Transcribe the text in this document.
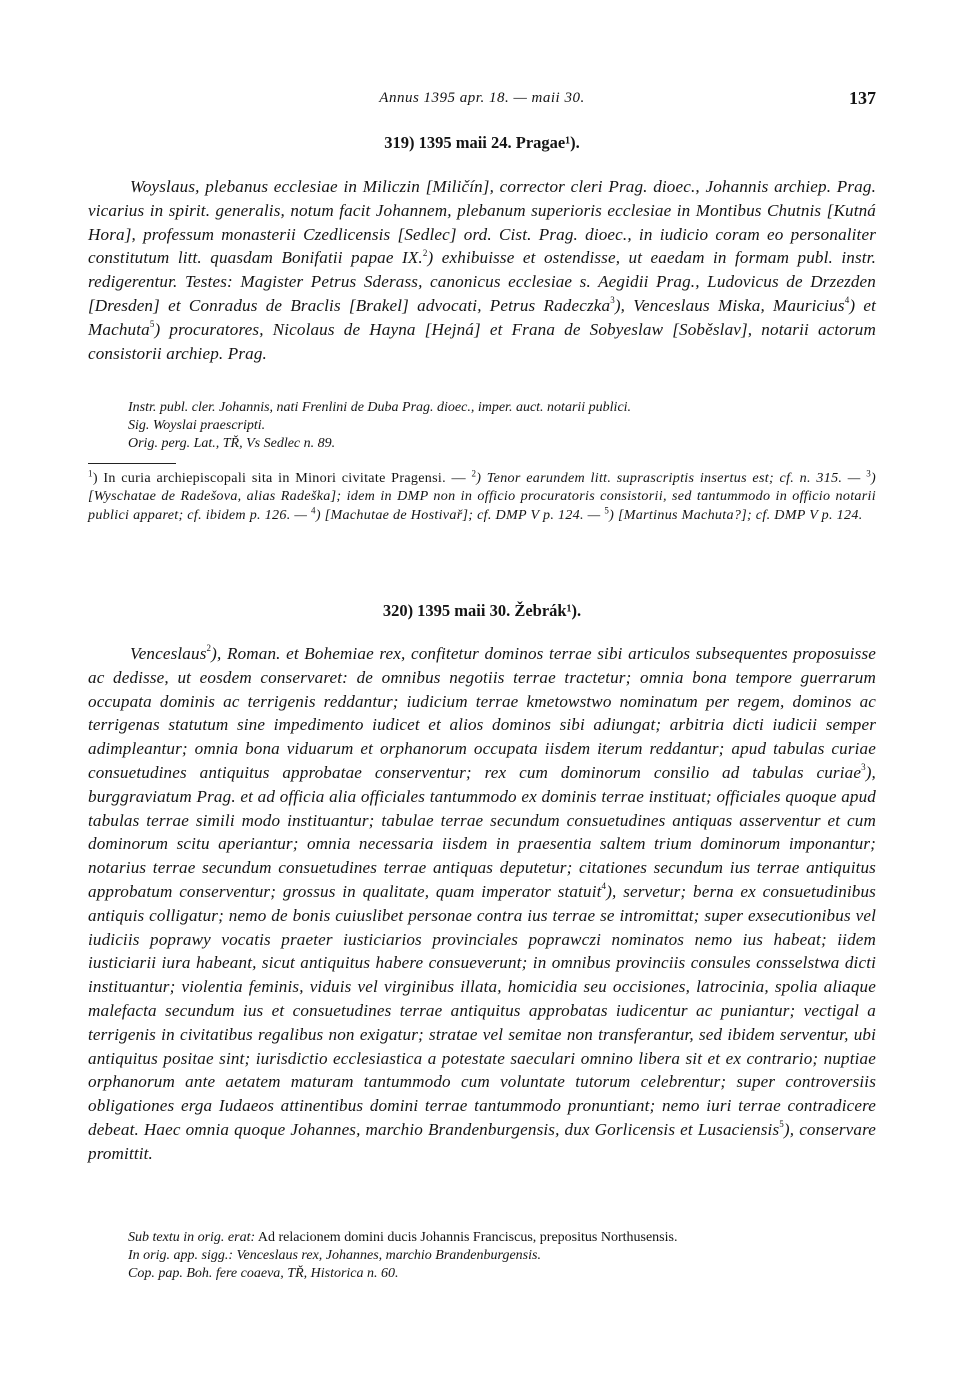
Annus 1395 apr. 18. — maii 30.	137
319) 1395 maii 24. Pragae¹).

Woyslaus, plebanus ecclesiae in Miliczin [Miličín], corrector cleri Prag. dioec., Johannis archiep. Prag. vicarius in spirit. generalis, notum facit Johannem, plebanum superioris ecclesiae in Montibus Chutnis [Kutná Hora], professum monasterii Czedlicensis [Sedlec] ord. Cist. Prag. dioec., in iudicio coram eo personaliter constitutum litt. quasdam Bonifatii papae IX.$^2$) exhibuisse et ostendisse, ut eaedam in formam publ. instr. redigerentur. Testes: Magister Petrus Sderass, canonicus ecclesiae s. Aegidii Prag., Ludovicus de Drzezden [Dresden] et Conradus de Braclis [Brakel] advocati, Petrus Radeczka$^3$), Venceslaus Miska, Mauricius$^4$) et Machuta$^5$) procuratores, Nicolaus de Hayna [Hejná] et Frana de Sobyeslaw [Soběslav], notarii actorum consistorii archiep. Prag.

Instr. publ. cler. Johannis, nati Frenlini de Duba Prag. dioec., imper. auct. notarii publici.
Sig. Woyslai praescripti.
Orig. perg. Lat., TŘ, Vs Sedlec n. 89.

$^1$) In curia archiepiscopali sita in Minori civitate Pragensi. — $^2$) Tenor earundem litt. suprascriptis insertus est; cf. n. 315. — $^3$) [Wyschatae de Radešova, alias Radeška]; idem in DMP non in officio procuratoris consistorii, sed tantummodo in officio notarii publici apparet; cf. ibidem p. 126. — $^4$) [Machutae de Hostivař]; cf. DMP V p. 124. — $^5$) [Martinus Machuta?]; cf. DMP V p. 124.

320) 1395 maii 30. Žebrák¹).

Venceslaus$^2$), Roman. et Bohemiae rex, confitetur dominos terrae sibi articulos subsequentes proposuisse ac dedisse, ut eosdem conservaret: de omnibus negotiis terrae tractetur; omnia bona tempore guerrarum occupata dominis ac terrigenis reddantur; iudicium terrae kmetowstwo nominatum per regem, dominos ac terrigenas statutum sine impedimento iudicet et alios dominos sibi adiungat; arbitria dicti iudicii semper adimpleantur; omnia bona viduarum et orphanorum occupata iisdem iterum reddantur; apud tabulas curiae consuetudines antiquitus approbatae conserventur; rex cum dominorum consilio ad tabulas curiae$^3$), burggraviatum Prag. et ad officia alia officiales tantummodo ex dominis terrae instituat; officiales quoque apud tabulas terrae simili modo instituantur; tabulae terrae secundum consuetudines antiquas asserventur et cum dominorum scitu aperiantur; omnia necessaria iisdem in praesentia saltem trium dominorum imponantur; notarius terrae secundum consuetudines terrae antiquas deputetur; citationes secundum ius terrae antiquitus approbatum conserventur; grossus in qualitate, quam imperator statuit$^4$), servetur; berna ex consuetudinibus antiquis colligatur; nemo de bonis cuiuslibet personae contra ius terrae se intromittat; super exsecutionibus vel iudiciis poprawy vocatis praeter iusticiarios provinciales poprawczi nominatos nemo ius habeat; iidem iusticiarii iura habeant, sicut antiquitus habere consueverunt; in omnibus provinciis consules consselstwa dicti instituantur; violentia feminis, viduis vel virginibus illata, homicidia seu occisiones, latrocinia, spolia aliaque malefacta secundum ius et consuetudines terrae antiquitus approbatas iudicentur ac puniantur; vectigal a terrigenis in civitatibus regalibus non exigatur; stratae vel semitae non transferantur, sed ibidem serventur, ubi antiquitus positae sint; iurisdictio ecclesiastica a potestate saeculari omnino libera sit et ex contrario; nuptiae orphanorum ante aetatem maturam tantummodo cum voluntate tutorum celebrentur; super controversiis obligationes erga Iudaeos attinentibus domini terrae tantummodo pronuntiant; nemo iuri terrae contradicere debeat. Haec omnia quoque Johannes, marchio Brandenburgensis, dux Gorlicensis et Lusaciensis$^5$), conservare promittit.

Sub textu in orig. erat: Ad relacionem domini ducis Johannis Franciscus, prepositus Northusensis.
In orig. app. sigg.: Venceslaus rex, Johannes, marchio Brandenburgensis.
Cop. pap. Boh. fere coaeva, TŘ, Historica n. 60.
